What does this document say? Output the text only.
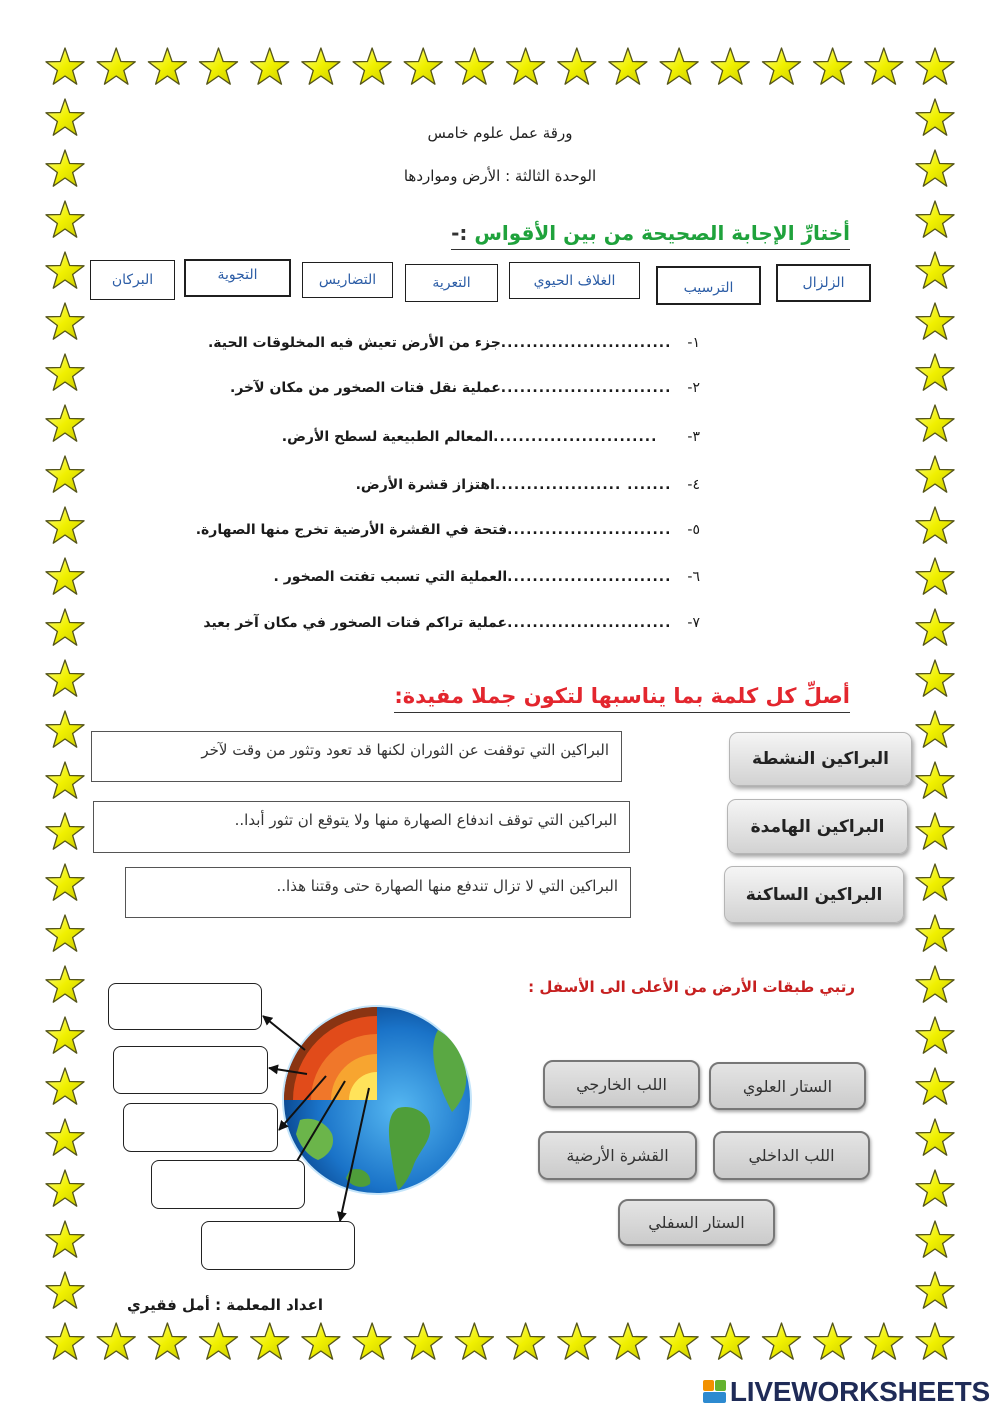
ورقة عمل علوم خامس
الوحدة الثالثة : الأرض ومواردها
أختارِّ الإجابة الصحيحة من بين الأقواس :-
الزلزال
الترسيب
الغلاف الحيوي
التعرية
التضاريس
التجوية
البركان
١-
...........................
جزء من الأرض تعيش فيه المخلوقات الحية.
٢-
...........................
عملية نقل فتات الصخور من مكان لآخر.
٣-
..........................
المعالم الطبيعية لسطح الأرض.
٤-
....... ....................
اهتزاز قشرة الأرض.
٥-
..........................
فتحة في القشرة الأرضية تخرج منها الصهارة.
٦-
..........................
العملية التي تسبب تفتت الصخور .
٧-
..........................
عملية تراكم فتات الصخور في مكان آخر بعيد
أصلِّ كل كلمة بما يناسبها لتكون جملا مفيدة:
البراكين التي توقفت عن الثوران لكنها قد تعود وتثور من وقت لآخر
البراكين التي توقف اندفاع الصهارة منها ولا يتوقع ان تثور أبدا..
البراكين التي لا تزال تندفع منها الصهارة حتى وقتنا هذا..
البراكين النشطة
البراكين الهامدة
البراكين الساكنة
رتبي طبقات الأرض من الأعلى الى الأسفل :
الستار العلوي
اللب الخارجي
اللب الداخلي
القشرة الأرضية
الستار السفلي
اعداد المعلمة : أمل فقيري
LIVEWORKSHEETS
